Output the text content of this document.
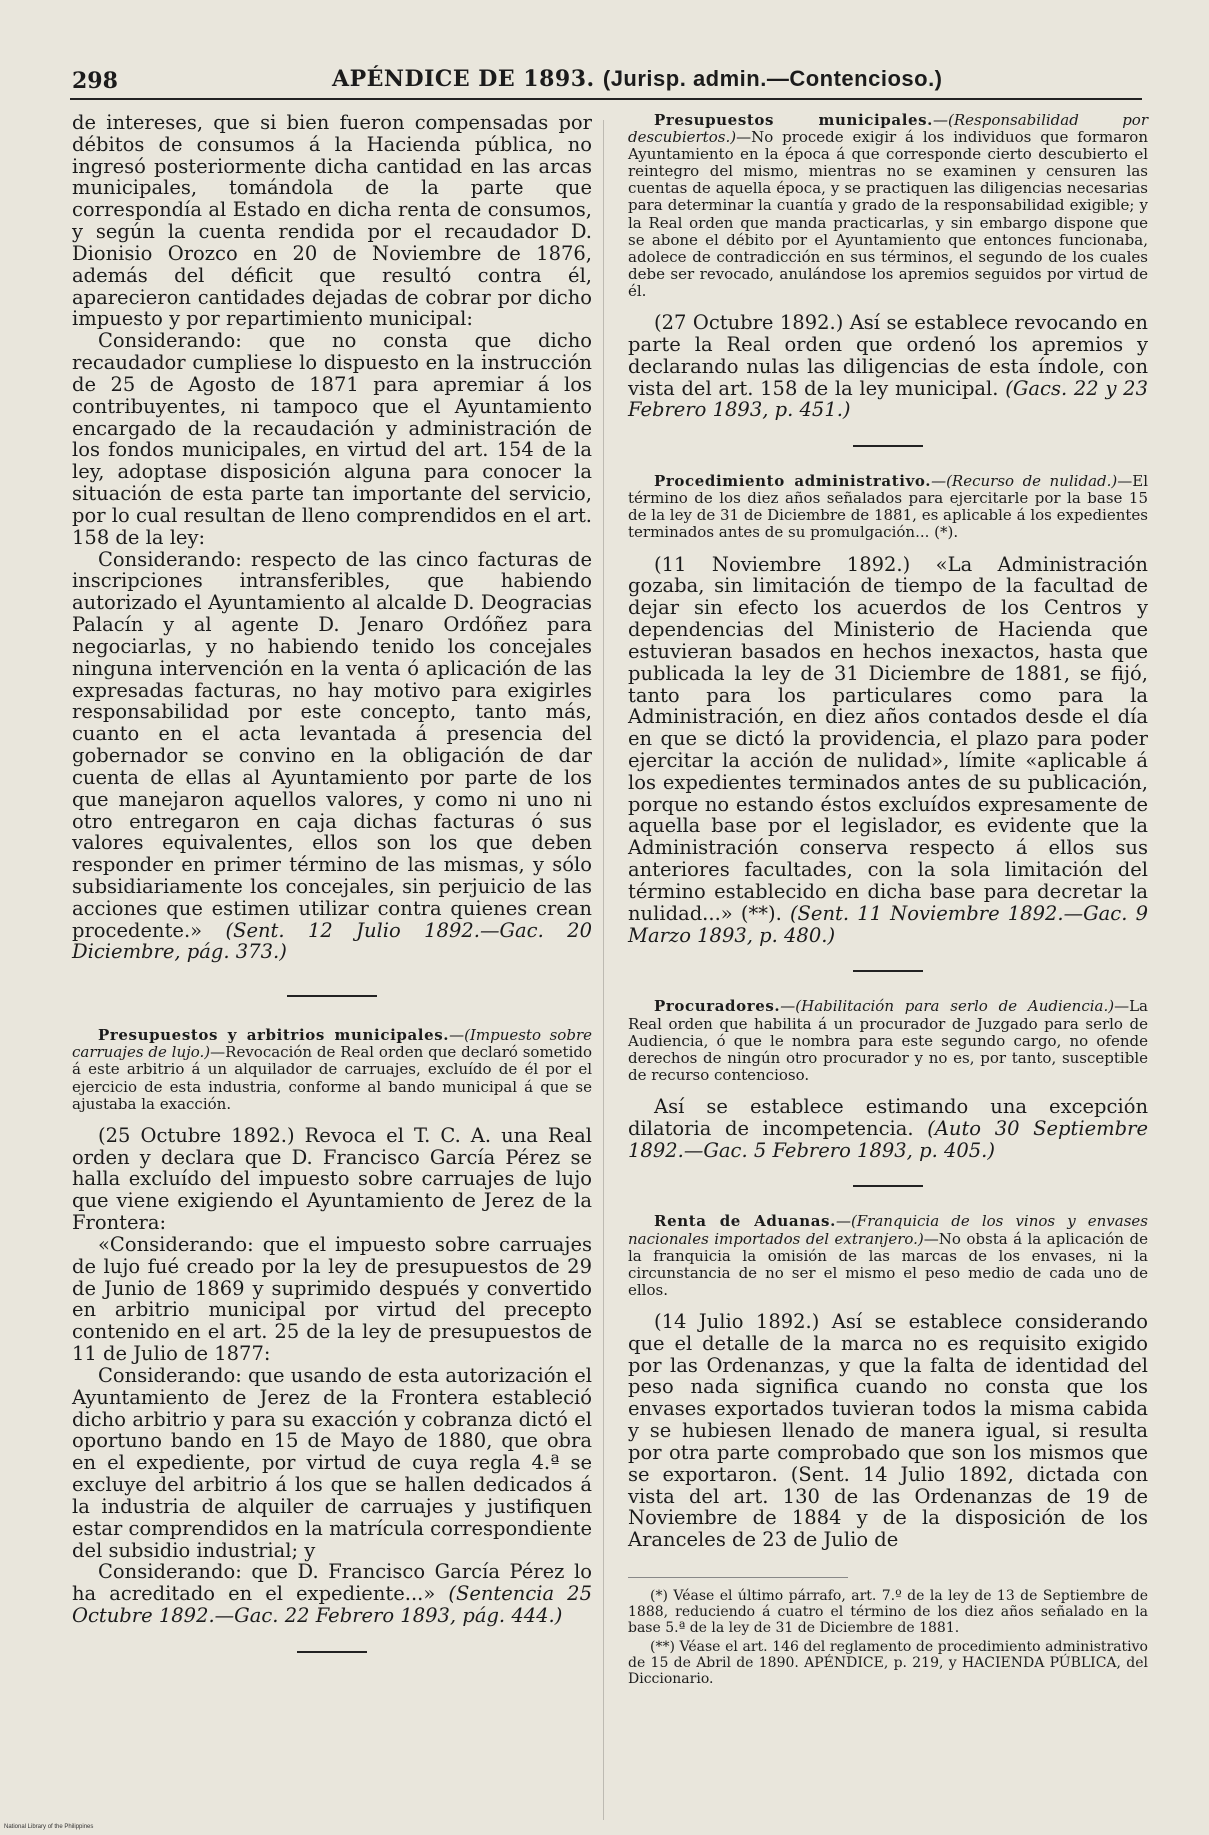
298	APÉNDICE DE 1893. (Jurisp. admin.—Contencioso.)

de intereses, que si bien fueron compensadas por débitos de consumos á la Hacienda pública, no ingresó posteriormente dicha cantidad en las arcas municipales, tomándola de la parte que correspondía al Estado en dicha renta de consumos, y según la cuenta rendida por el recaudador D. Dionisio Orozco en 20 de Noviembre de 1876, además del déficit que resultó contra él, aparecieron cantidades dejadas de cobrar por dicho impuesto y por repartimiento municipal:

Considerando: que no consta que dicho recaudador cumpliese lo dispuesto en la instrucción de 25 de Agosto de 1871 para apremiar á los contribuyentes, ni tampoco que el Ayuntamiento encargado de la recaudación y administración de los fondos municipales, en virtud del art. 154 de la ley, adoptase disposición alguna para conocer la situación de esta parte tan importante del servicio, por lo cual resultan de lleno comprendidos en el art. 158 de la ley:

Considerando: respecto de las cinco facturas de inscripciones intransferibles, que habiendo autorizado el Ayuntamiento al alcalde D. Deogracias Palacín y al agente D. Jenaro Ordóñez para negociarlas, y no habiendo tenido los concejales ninguna intervención en la venta ó aplicación de las expresadas facturas, no hay motivo para exigirles responsabilidad por este concepto, tanto más, cuanto en el acta levantada á presencia del gobernador se convino en la obligación de dar cuenta de ellas al Ayuntamiento por parte de los que manejaron aquellos valores, y como ni uno ni otro entregaron en caja dichas facturas ó sus valores equivalentes, ellos son los que deben responder en primer término de las mismas, y sólo subsidiariamente los concejales, sin perjuicio de las acciones que estimen utilizar contra quienes crean procedente.» (Sent. 12 Julio 1892.—Gac. 20 Diciembre, pág. 373.)

Presupuestos y arbitrios municipales.—(Impuesto sobre carruajes de lujo.)—Revocación de Real orden que declaró sometido á este arbitrio á un alquilador de carruajes, excluído de él por el ejercicio de esta industria, conforme al bando municipal á que se ajustaba la exacción.

(25 Octubre 1892.) Revoca el T. C. A. una Real orden y declara que D. Francisco García Pérez se halla excluído del impuesto sobre carruajes de lujo que viene exigiendo el Ayuntamiento de Jerez de la Frontera:

«Considerando: que el impuesto sobre carruajes de lujo fué creado por la ley de presupuestos de 29 de Junio de 1869 y suprimido después y convertido en arbitrio municipal por virtud del precepto contenido en el art. 25 de la ley de presupuestos de 11 de Julio de 1877:

Considerando: que usando de esta autorización el Ayuntamiento de Jerez de la Frontera estableció dicho arbitrio y para su exacción y cobranza dictó el oportuno bando en 15 de Mayo de 1880, que obra en el expediente, por virtud de cuya regla 4.ª se excluye del arbitrio á los que se hallen dedicados á la industria de alquiler de carruajes y justifiquen estar comprendidos en la matrícula correspondiente del subsidio industrial; y

Considerando: que D. Francisco García Pérez lo ha acreditado en el expediente...» (Sentencia 25 Octubre 1892.—Gac. 22 Febrero 1893, pág. 444.)

Presupuestos municipales.—(Responsabilidad por descubiertos.)—No procede exigir á los individuos que formaron Ayuntamiento en la época á que corresponde cierto descubierto el reintegro del mismo, mientras no se examinen y censuren las cuentas de aquella época, y se practiquen las diligencias necesarias para determinar la cuantía y grado de la responsabilidad exigible; y la Real orden que manda practicarlas, y sin embargo dispone que se abone el débito por el Ayuntamiento que entonces funcionaba, adolece de contradicción en sus términos, el segundo de los cuales debe ser revocado, anulándose los apremios seguidos por virtud de él.

(27 Octubre 1892.) Así se establece revocando en parte la Real orden que ordenó los apremios y declarando nulas las diligencias de esta índole, con vista del art. 158 de la ley municipal. (Gacs. 22 y 23 Febrero 1893, p. 451.)

Procedimiento administrativo.—(Recurso de nulidad.)—El término de los diez años señalados para ejercitarle por la base 15 de la ley de 31 de Diciembre de 1881, es aplicable á los expedientes terminados antes de su promulgación... (*).

(11 Noviembre 1892.) «La Administración gozaba, sin limitación de tiempo de la facultad de dejar sin efecto los acuerdos de los Centros y dependencias del Ministerio de Hacienda que estuvieran basados en hechos inexactos, hasta que publicada la ley de 31 Diciembre de 1881, se fijó, tanto para los particulares como para la Administración, en diez años contados desde el día en que se dictó la providencia, el plazo para poder ejercitar la acción de nulidad», límite «aplicable á los expedientes terminados antes de su publicación, porque no estando éstos excluídos expresamente de aquella base por el legislador, es evidente que la Administración conserva respecto á ellos sus anteriores facultades, con la sola limitación del término establecido en dicha base para decretar la nulidad...» (**). (Sent. 11 Noviembre 1892.—Gac. 9 Marzo 1893, p. 480.)

Procuradores.—(Habilitación para serlo de Audiencia.)—La Real orden que habilita á un procurador de Juzgado para serlo de Audiencia, ó que le nombra para este segundo cargo, no ofende derechos de ningún otro procurador y no es, por tanto, susceptible de recurso contencioso.

Así se establece estimando una excepción dilatoria de incompetencia. (Auto 30 Septiembre 1892.—Gac. 5 Febrero 1893, p. 405.)

Renta de Aduanas.—(Franquicia de los vinos y envases nacionales importados del extranjero.)—No obsta á la aplicación de la franquicia la omisión de las marcas de los envases, ni la circunstancia de no ser el mismo el peso medio de cada uno de ellos.

(14 Julio 1892.) Así se establece considerando que el detalle de la marca no es requisito exigido por las Ordenanzas, y que la falta de identidad del peso nada significa cuando no consta que los envases exportados tuvieran todos la misma cabida y se hubiesen llenado de manera igual, si resulta por otra parte comprobado que son los mismos que se exportaron. (Sent. 14 Julio 1892, dictada con vista del art. 130 de las Ordenanzas de 19 de Noviembre de 1884 y de la disposición de los Aranceles de 23 de Julio de

(*) Véase el último párrafo, art. 7.º de la ley de 13 de Septiembre de 1888, reduciendo á cuatro el término de los diez años señalado en la base 5.ª de la ley de 31 de Diciembre de 1881.

(**) Véase el art. 146 del reglamento de procedimiento administrativo de 15 de Abril de 1890. APÉNDICE, p. 219, y HACIENDA PÚBLICA, del Diccionario.

National Library of the Philippines
